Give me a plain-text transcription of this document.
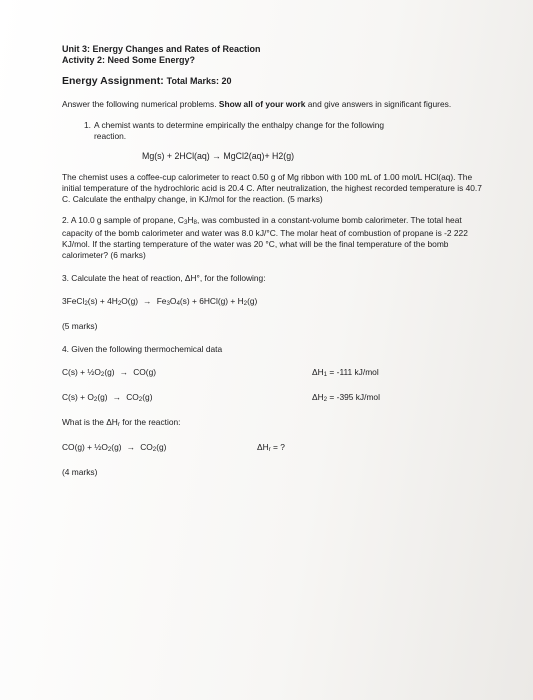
Unit 3: Energy Changes and Rates of Reaction
Activity 2: Need Some Energy?
Energy Assignment: Total Marks: 20
Answer the following numerical problems. Show all of your work and give answers in significant figures.
1. A chemist wants to determine empirically the enthalpy change for the following reaction.
Mg(s) + 2HCl(aq) → MgCl2(aq)+ H2(g)
The chemist uses a coffee-cup calorimeter to react 0.50 g of Mg ribbon with 100 mL of 1.00 mol/L HCl(aq). The initial temperature of the hydrochloric acid is 20.4 C. After neutralization, the highest recorded temperature is 40.7 C. Calculate the enthalpy change, in KJ/mol for the reaction. (5 marks)
2. A 10.0 g sample of propane, C3H8, was combusted in a constant-volume bomb calorimeter. The total heat capacity of the bomb calorimeter and water was 8.0 kJ/°C. The molar heat of combustion of propane is -2 222 KJ/mol. If the starting temperature of the water was 20 °C, what will be the final temperature of the bomb calorimeter? (6 marks)
3. Calculate the heat of reaction, ΔH°, for the following:
3FeCl2(s) + 4H2O(g) → Fe3O4(s) + 6HCl(g) + H2(g)
(5 marks)
4. Given the following thermochemical data
C(s) + ½O2(g) → CO(g)	ΔH1 = -111 kJ/mol
C(s) + O2(g) → CO2(g)	ΔH2 = -395 kJ/mol
What is the ΔHr for the reaction:
CO(g) + ½O2(g) → CO2(g)	ΔHr = ?
(4 marks)
